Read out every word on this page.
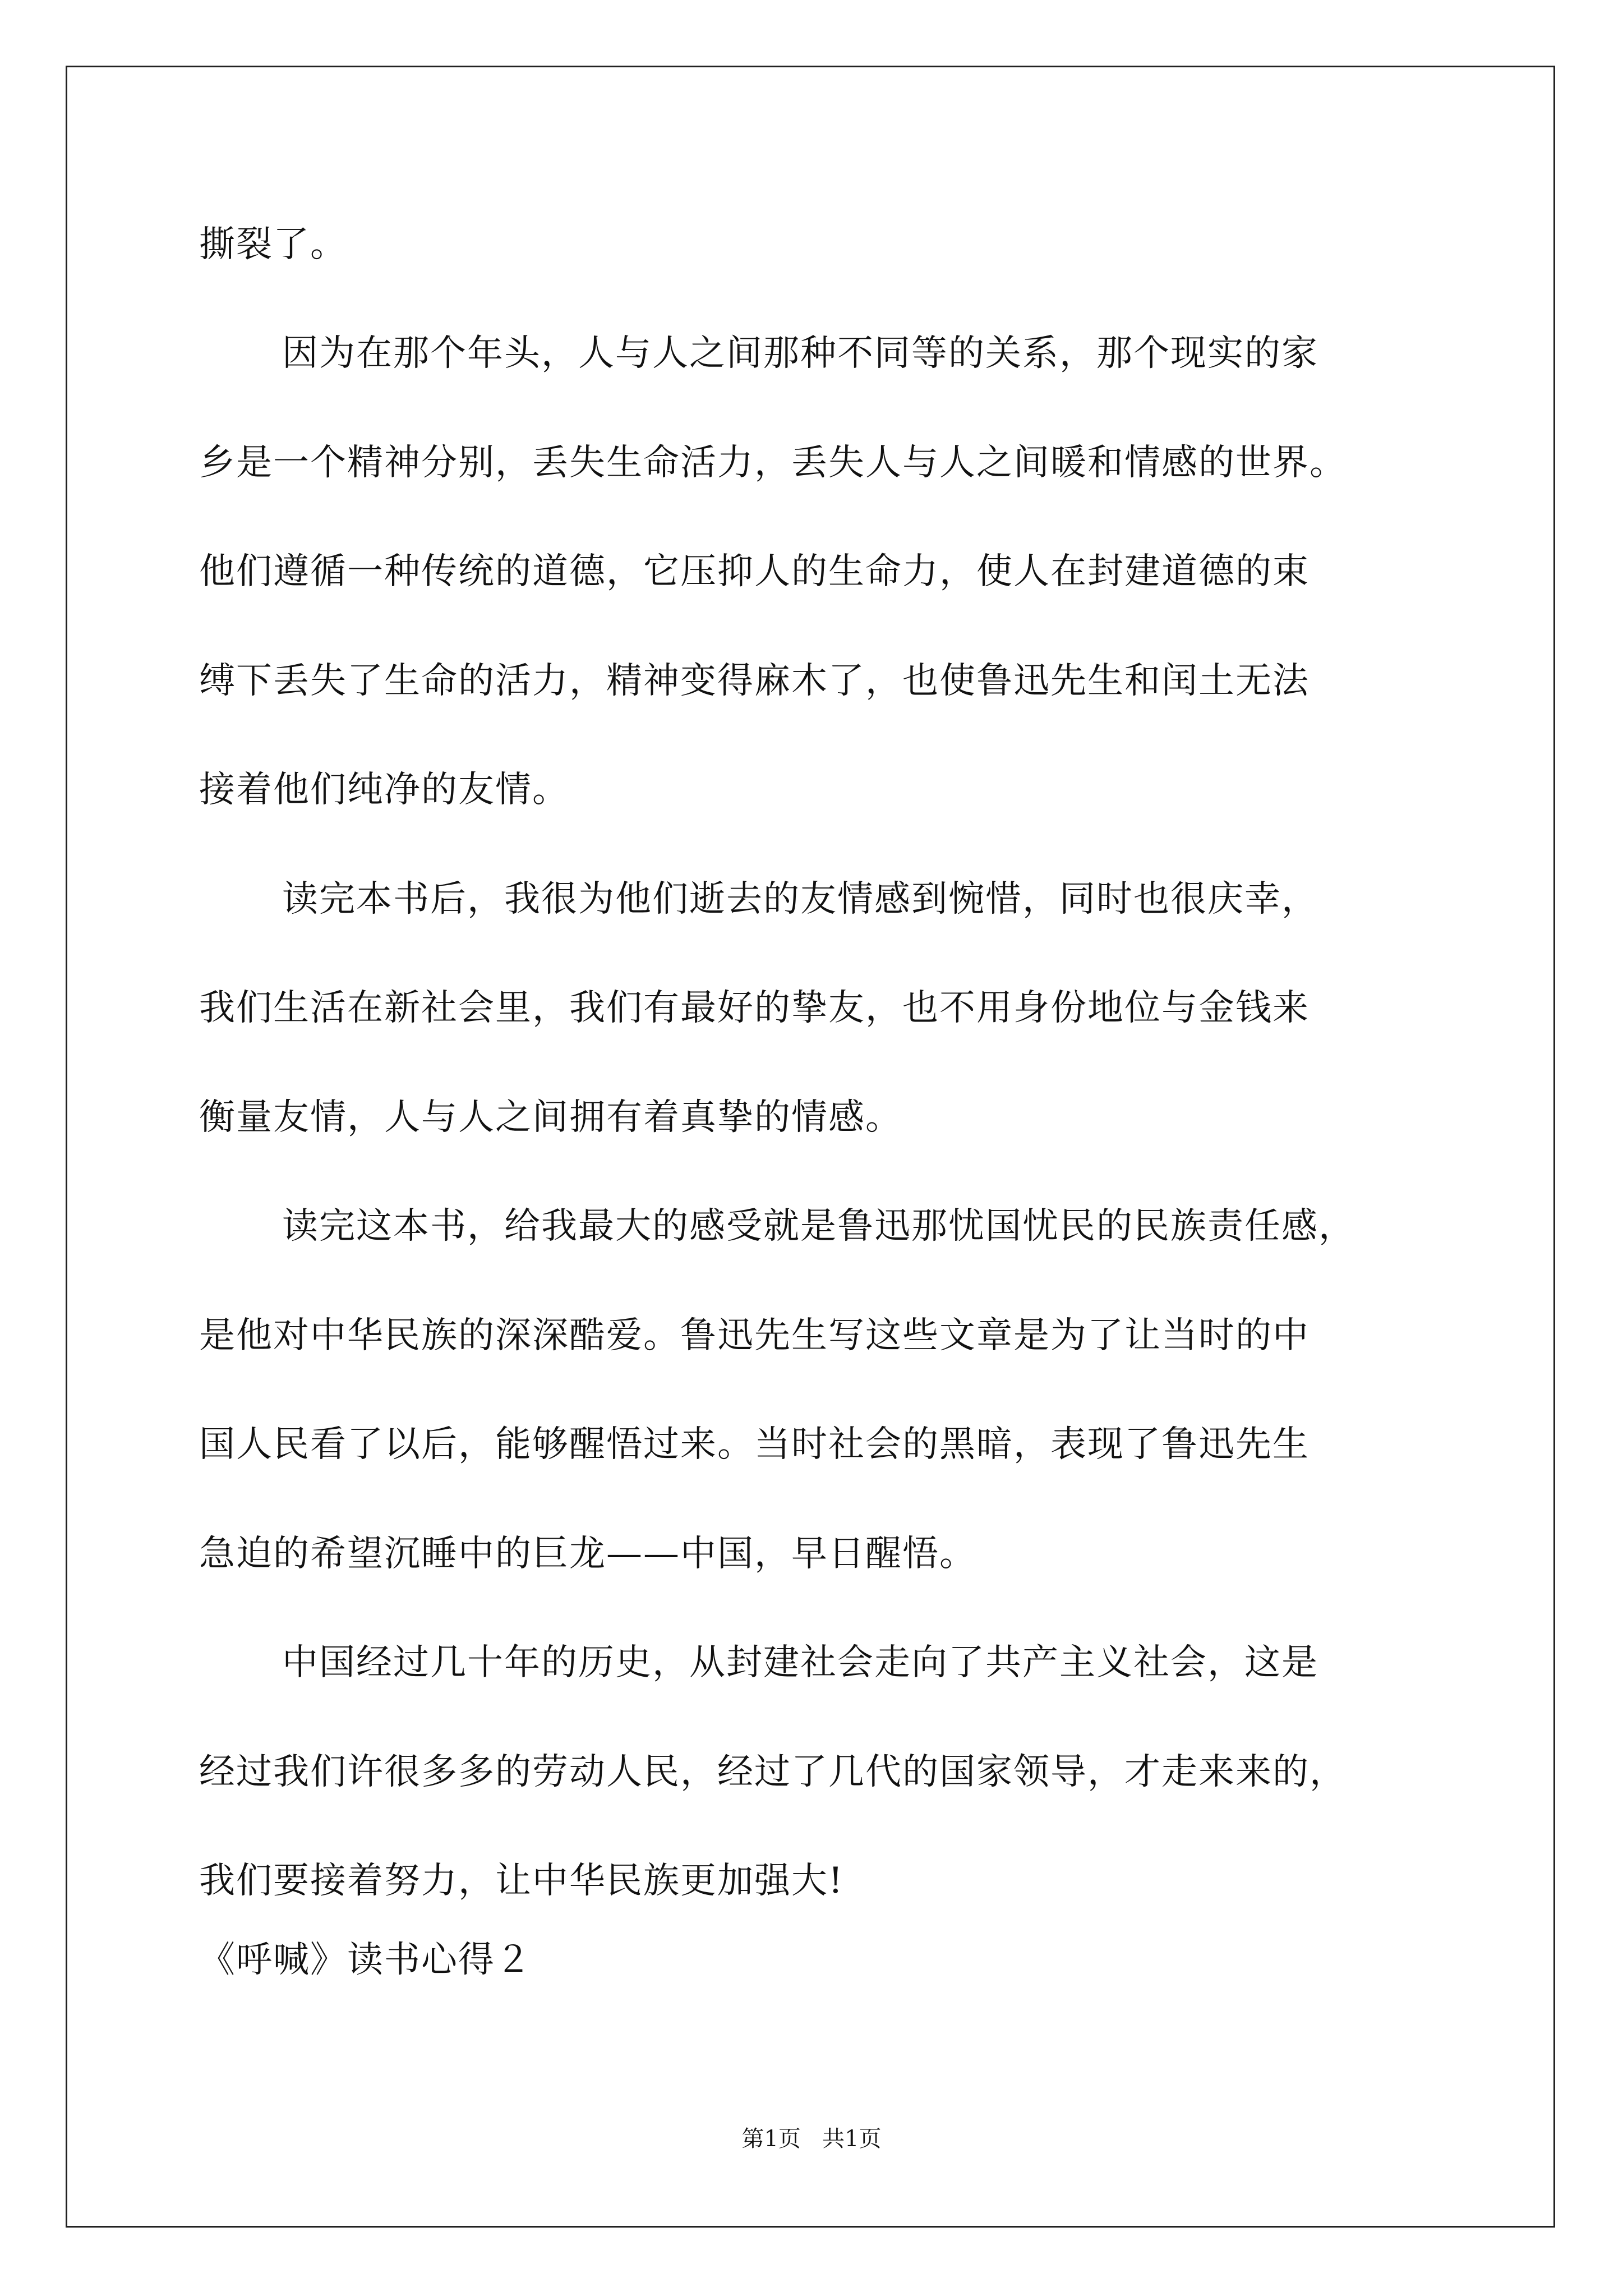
撕裂了。
因为在那个年头，人与人之间那种不同等的关系，那个现实的家
乡是一个精神分别，丢失生命活力，丢失人与人之间暖和情感的世界。
他们遵循一种传统的道德，它压抑人的生命力，使人在封建道德的束
缚下丢失了生命的活力，精神变得麻木了，也使鲁迅先生和闰土无法
接着他们纯净的友情。
读完本书后，我很为他们逝去的友情感到惋惜，同时也很庆幸，
我们生活在新社会里，我们有最好的挚友，也不用身份地位与金钱来
衡量友情，人与人之间拥有着真挚的情感。
读完这本书，给我最大的感受就是鲁迅那忧国忧民的民族责任感，
是他对中华民族的深深酷爱。鲁迅先生写这些文章是为了让当时的中
国人民看了以后，能够醒悟过来。当时社会的黑暗，表现了鲁迅先生
急迫的希望沉睡中的巨龙——中国，早日醒悟。
中国经过几十年的历史，从封建社会走向了共产主义社会，这是
经过我们许很多多的劳动人民，经过了几代的国家领导，才走来来的，
我们要接着努力，让中华民族更加强大!
《呼喊》读书心得２
第1页   共1页
